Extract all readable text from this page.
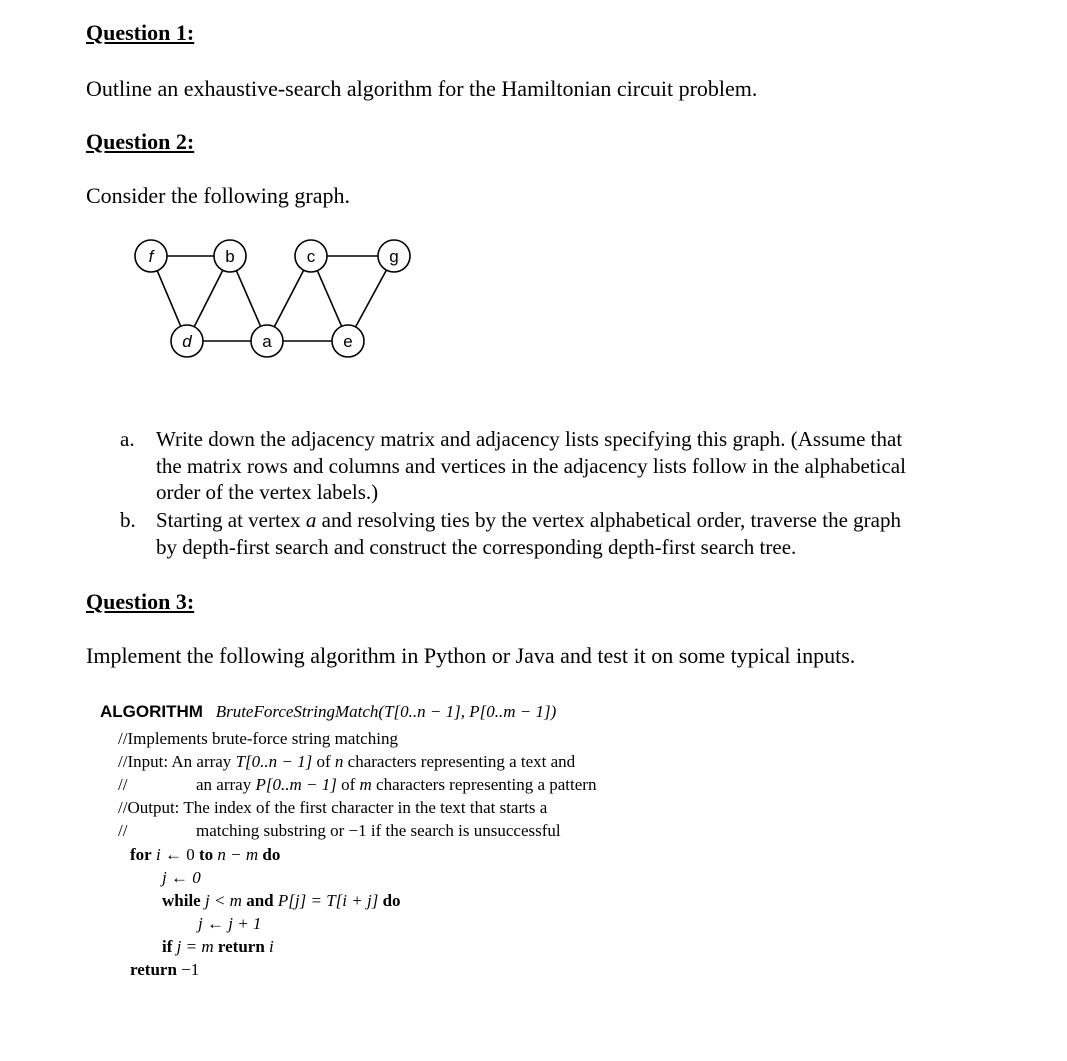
Question 1:

Outline an exhaustive-search algorithm for the Hamiltonian circuit problem.

Question 2:

Consider the following graph.

f	b	c	g
d	a	e
a.	Write down the adjacency matrix and adjacency lists specifying this graph. (Assume that
the matrix rows and columns and vertices in the adjacency lists follow in the alphabetical
order of the vertex labels.)
b. Starting at vertex a and resolving ties by the vertex alphabetical order, traverse the graph
by depth-first search and construct the corresponding depth-first search tree.
Question 3:

Implement the following algorithm in Python or Java and test it on some typical inputs.

ALGORITHM BruteForceStringMatch(T[0..n − 1], P[0..m − 1])
//Implements brute-force string matching
//Input: An array T[0..n − 1] of n characters representing a text and
//	an array P[0..m − 1] of m characters representing a pattern
//Output: The index of the first character in the text that starts a
//	matching substring or −1 if the search is unsuccessful
for i ← 0 to n − m do
j ← 0
while j < m and P[j] = T[i + j] do
j ← j + 1
if j = m return i
return −1
